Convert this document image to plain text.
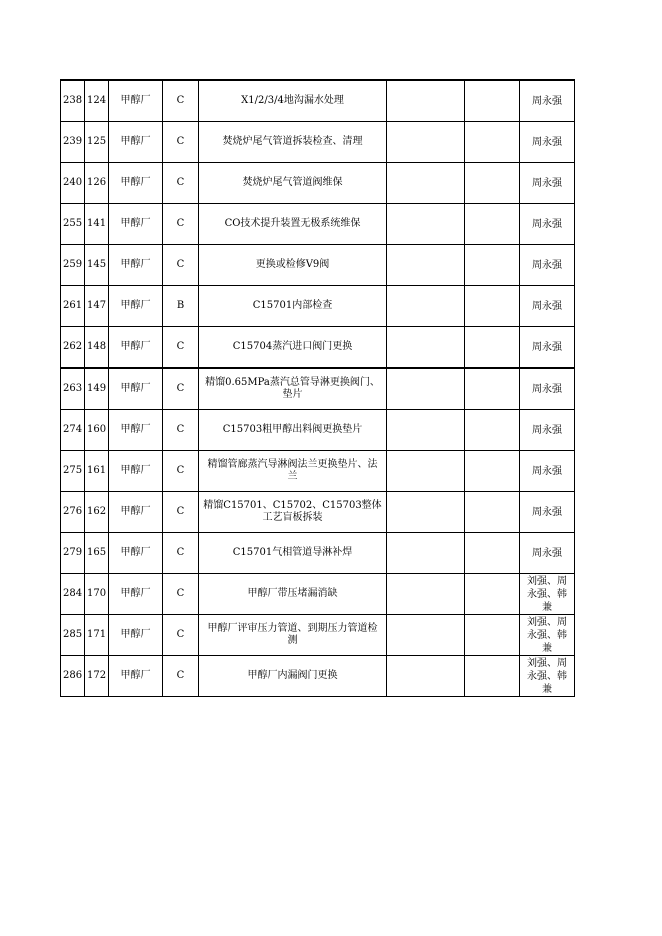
238	124	甲醇厂	C	X1/2/3/4地沟漏水处理			周永强
239	125	甲醇厂	C	焚烧炉尾气管道拆装检查、清理			周永强
240	126	甲醇厂	C	焚烧炉尾气管道阀维保			周永强
255	141	甲醇厂	C	CO技术提升装置无极系统维保			周永强
259	145	甲醇厂	C	更换或检修V9阀			周永强
261	147	甲醇厂	B	C15701内部检查			周永强
262	148	甲醇厂	C	C15704蒸汽进口阀门更换			周永强
263	149	甲醇厂	C	精馏0.65MPa蒸汽总管导淋更换阀门、垫片			周永强
274	160	甲醇厂	C	C15703粗甲醇出料阀更换垫片			周永强
275	161	甲醇厂	C	精馏管廊蒸汽导淋阀法兰更换垫片、法兰			周永强
276	162	甲醇厂	C	精馏C15701、C15702、C15703整体工艺盲板拆装			周永强
279	165	甲醇厂	C	C15701气相管道导淋补焊			周永强
284	170	甲醇厂	C	甲醇厂带压堵漏消缺			刘强、周永强、韩兼
285	171	甲醇厂	C	甲醇厂评审压力管道、到期压力管道检测			刘强、周永强、韩兼
286	172	甲醇厂	C	甲醇厂内漏阀门更换			刘强、周永强、韩兼
